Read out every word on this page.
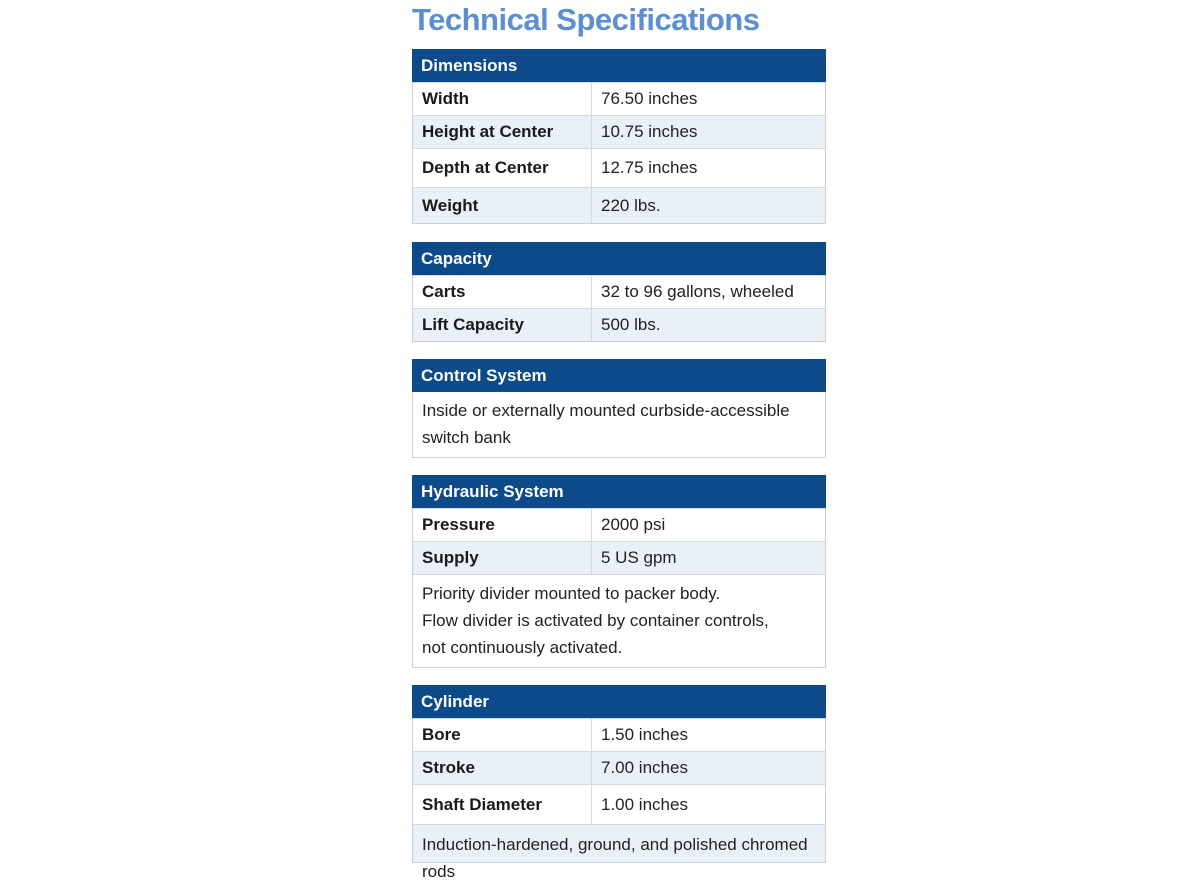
Technical Specifications
Dimensions
Width	76.50 inches
Height at Center	10.75 inches
Depth at Center	12.75 inches
Weight	220 lbs.
Capacity
Carts	32 to 96 gallons, wheeled
Lift Capacity	500 lbs.
Control System
Inside or externally mounted curbside-accessible
switch bank
Hydraulic System
Pressure	2000 psi
Supply	5 US gpm
Priority divider mounted to packer body.
Flow divider is activated by container controls,
not continuously activated.
Cylinder
Bore	1.50 inches
Stroke	7.00 inches
Shaft Diameter	1.00 inches
Induction-hardened, ground, and polished chromed rods
